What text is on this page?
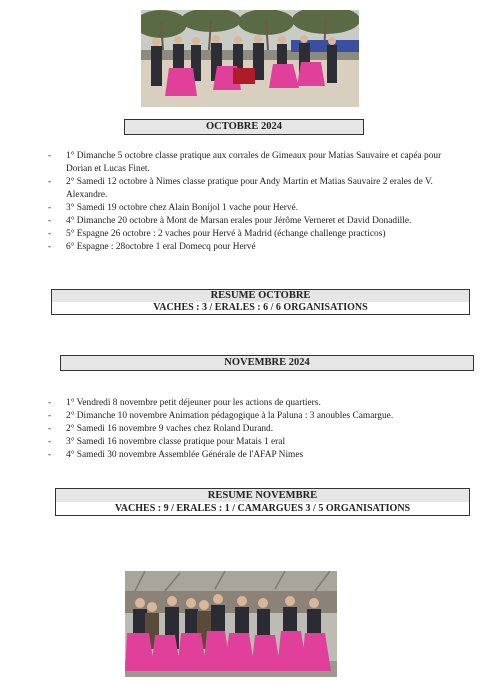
OCTOBRE 2024
- 1° Dimanche 5 octobre classe pratique aux corrales de Gimeaux pour Matias Sauvaire et capéa pour Dorian et Lucas Finet.
- 2° Samedi 12 octobre à Nimes classe pratique pour Andy Martin et Matias Sauvaire 2 erales de V. Alexandre.
- 3° Samedi 19 octobre chez Alain Bonijol 1 vache pour Hervé.
- 4° Dimanche 20 octobre à Mont de Marsan erales pour Jérôme Verneret et David Donadille.
- 5° Espagne 26 octobre : 2 vaches pour Hervé à Madrid (échange challenge practicos)
- 6° Espagne : 28octobre 1 eral Domecq pour Hervé
RESUME OCTOBRE
VACHES : 3 / ERALES : 6 / 6 ORGANISATIONS
NOVEMBRE 2024
- 1° Vendredi 8 novembre petit déjeuner pour les actions de quartiers.
- 2° Dimanche 10 novembre Animation pédagogique à la Paluna : 3 anoubles Camargue.
- 2° Samedi 16 novembre 9 vaches chez Roland Durand.
- 3° Samedi 16 novembre classe pratique pour Matais 1 eral
- 4° Samedi 30 novembre Assemblée Générale de l'AFAP Nimes
RESUME NOVEMBRE
VACHES : 9 / ERALES : 1 / CAMARGUES 3 / 5 ORGANISATIONS
